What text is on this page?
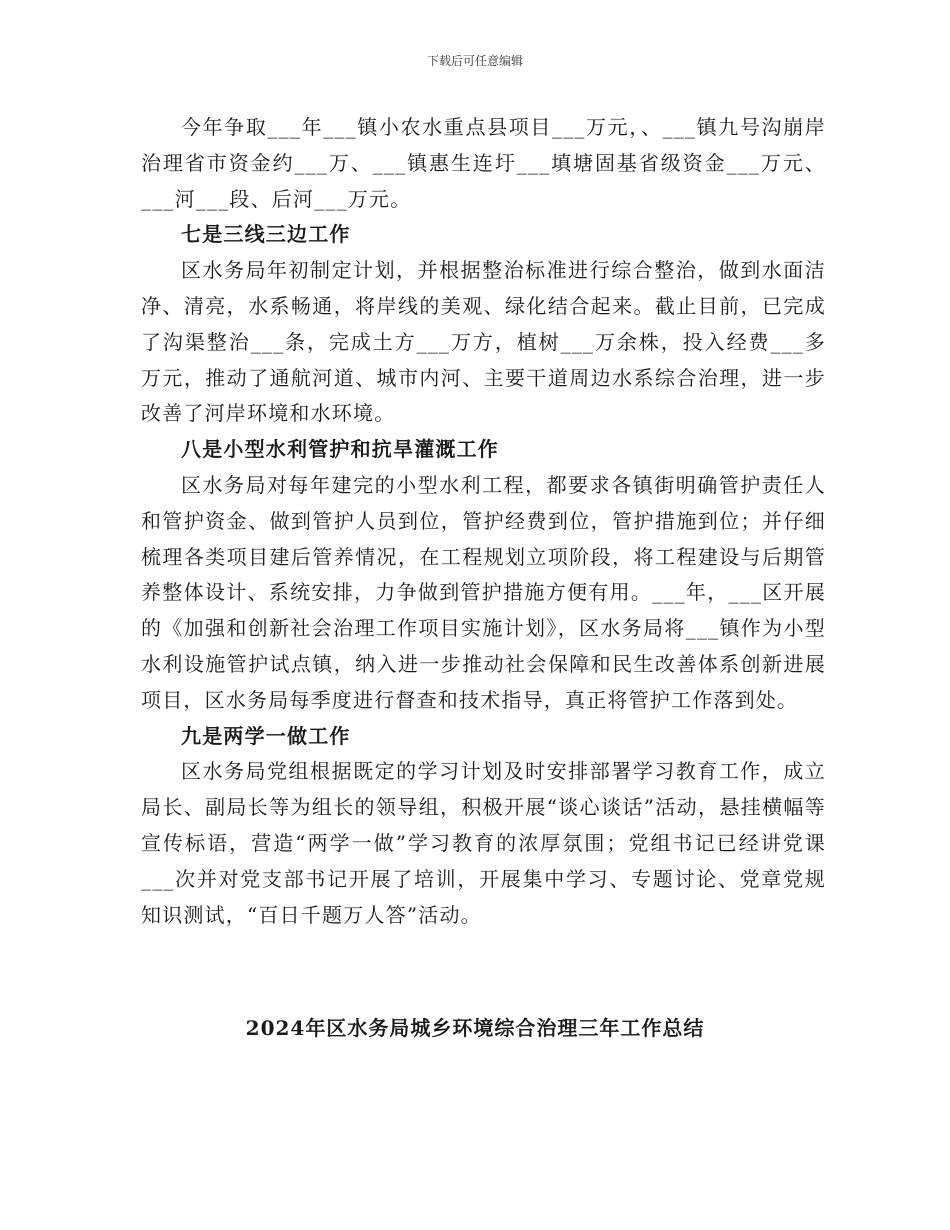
下载后可任意编辑

今年争取___年___镇小农水重点县项目___万元，、___镇九号沟崩岸治理省市资金约___万、___镇惠生连圩___填塘固基省级资金___万元、___河___段、后河___万元。

七是三线三边工作

区水务局年初制定计划，并根据整治标准进行综合整治，做到水面洁净、清亮，水系畅通，将岸线的美观、绿化结合起来。截止目前，已完成了沟渠整治___条，完成土方___万方，植树___万余株，投入经费___多万元，推动了通航河道、城市内河、主要干道周边水系综合治理，进一步改善了河岸环境和水环境。

八是小型水利管护和抗旱灌溉工作

区水务局对每年建完的小型水利工程，都要求各镇街明确管护责任人和管护资金、做到管护人员到位，管护经费到位，管护措施到位；并仔细梳理各类项目建后管养情况，在工程规划立项阶段，将工程建设与后期管养整体设计、系统安排，力争做到管护措施方便有用。___年，___区开展的《加强和创新社会治理工作项目实施计划》，区水务局将___镇作为小型水利设施管护试点镇，纳入进一步推动社会保障和民生改善体系创新进展项目，区水务局每季度进行督查和技术指导，真正将管护工作落到处。

九是两学一做工作

区水务局党组根据既定的学习计划及时安排部署学习教育工作，成立局长、副局长等为组长的领导组，积极开展“谈心谈话”活动，悬挂横幅等宣传标语，营造“两学一做”学习教育的浓厚氛围；党组书记已经讲党课___次并对党支部书记开展了培训，开展集中学习、专题讨论、党章党规知识测试，“百日千题万人答”活动。

2024年区水务局城乡环境综合治理三年工作总结
